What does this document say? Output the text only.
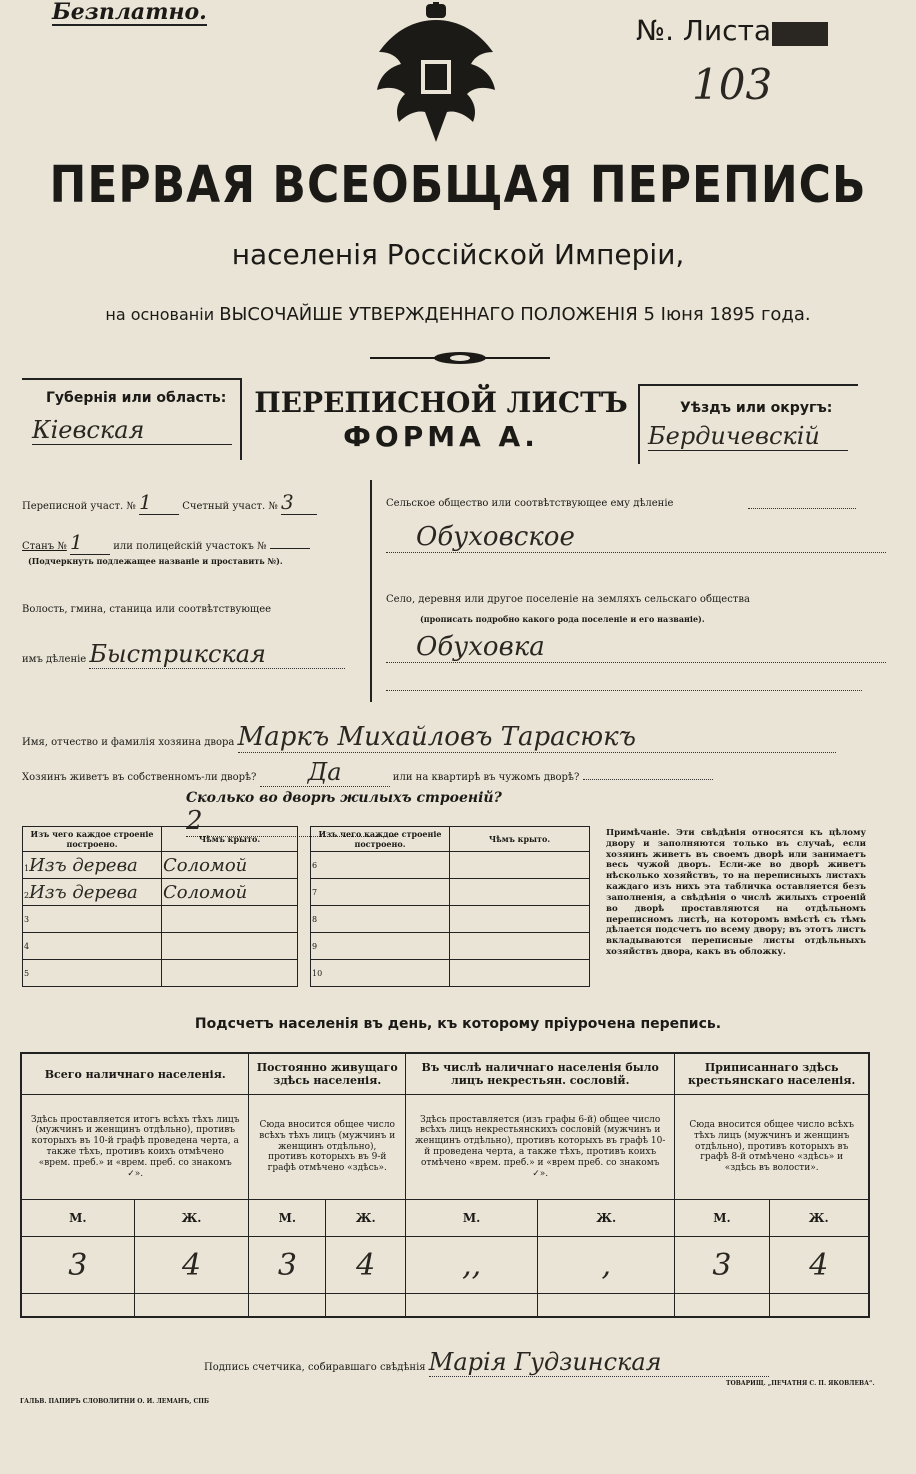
Безплатно.
№. Листа
103
ПЕРВАЯ ВСЕОБЩАЯ ПЕРЕПИСЬ
населенія Россійской Имперіи,
на основаніи ВЫСОЧАЙШЕ УТВЕРЖДЕННАГО ПОЛОЖЕНІЯ 5 Іюня 1895 года.
Губернія или область:
Кіевская
ПЕРЕПИСНОЙ ЛИСТЪ
ФОРМА А.
Уѣздъ или округъ:
Бердичевскій
Переписной участ. № 1	Счетный участ. № 3
Станъ № 1	или полицейскій участокъ №
(Подчеркнуть подлежащее названіе и проставить №).
Волость, гмина, станица или соотвѣтствующее
имъ дѣленіе Быстрикская
Сельское общество или соотвѣтствующее ему дѣленіе
Обуховское
Село, деревня или другое поселеніе на земляхъ сельскаго общества
(прописать подробно какого рода поселеніе и его названіе).
Обуховка
Имя, отчество и фамилія хозяина двора Маркъ Михайловъ Тарасюкъ
Хозяинъ живетъ въ собственномъ-ли дворѣ? Да	или на квартирѣ въ чужомъ дворѣ?
Сколько во дворѣ жилыхъ строеній? 2
Изъ чего каждое строеніе построено.	Чѣмъ крыто.
1Изъ дерева	Соломой
2Изъ дерева	Соломой
3	
4	
5	
Изъ чего каждое строеніе построено.	Чѣмъ крыто.
6	
7	
8	
9	
10	
Примѣчаніе. Эти свѣдѣнія относятся къ цѣлому двору и заполняются только въ случаѣ, если хозяинъ живетъ въ своемъ дворѣ или занимаетъ весь чужой дворъ. Если-же во дворѣ живетъ нѣсколько хозяйствъ, то на переписныхъ листахъ каждаго изъ нихъ эта табличка оставляется безъ заполненія, а свѣдѣнія о числѣ жилыхъ строеній во дворѣ проставляются на отдѣльномъ переписномъ листѣ, на которомъ вмѣстѣ съ тѣмъ дѣлается подсчетъ по всему двору; въ этотъ листъ вкладываются переписные листы отдѣльныхъ хозяйствъ двора, какъ въ обложку.
Подсчетъ населенія въ день, къ которому пріурочена перепись.
Всего наличнаго населенія.		Постоянно живущаго здѣсь населенія.		Въ числѣ наличнаго населенія было лицъ некрестьян. сословій.		Приписаннаго здѣсь крестьянскаго населенія.	
Здѣсь проставляется итогъ всѣхъ тѣхъ лицъ (мужчинъ и женщинъ отдѣльно), противъ которыхъ въ 10-й графѣ проведена черта, а также тѣхъ, противъ коихъ отмѣчено «врем. преб.» и «врем. преб. со знакомъ ✓».		Сюда вносится общее число всѣхъ тѣхъ лицъ (мужчинъ и женщинъ отдѣльно), противъ которыхъ въ 9-й графѣ отмѣчено «здѣсь».		Здѣсь проставляется (изъ графы 6-й) общее число всѣхъ лицъ некрестьянскихъ сословій (мужчинъ и женщинъ отдѣльно), противъ которыхъ въ графѣ 10-й проведена черта, а также тѣхъ, противъ коихъ отмѣчено «врем. преб.» и «врем преб. со знакомъ ✓».		Сюда вносится общее число всѣхъ тѣхъ лицъ (мужчинъ и женщинъ отдѣльно), противъ которыхъ въ графѣ 8-й отмѣчено «здѣсь» и «здѣсь въ волости».	
М.	Ж.	М.	Ж.	М.	Ж.	М.	Ж.
3	4	3	4	,,	,	3	4

Подпись счетчика, собиравшаго свѣдѣнія Марія Гудзинская
ГАЛЬВ. ПАПИРЪ СЛОВОЛИТНИ О. И. ЛЕМАНЪ, СПБ
ТОВАРИЩ. „ПЕЧАТНЯ С. П. ЯКОВЛЕВА“.
